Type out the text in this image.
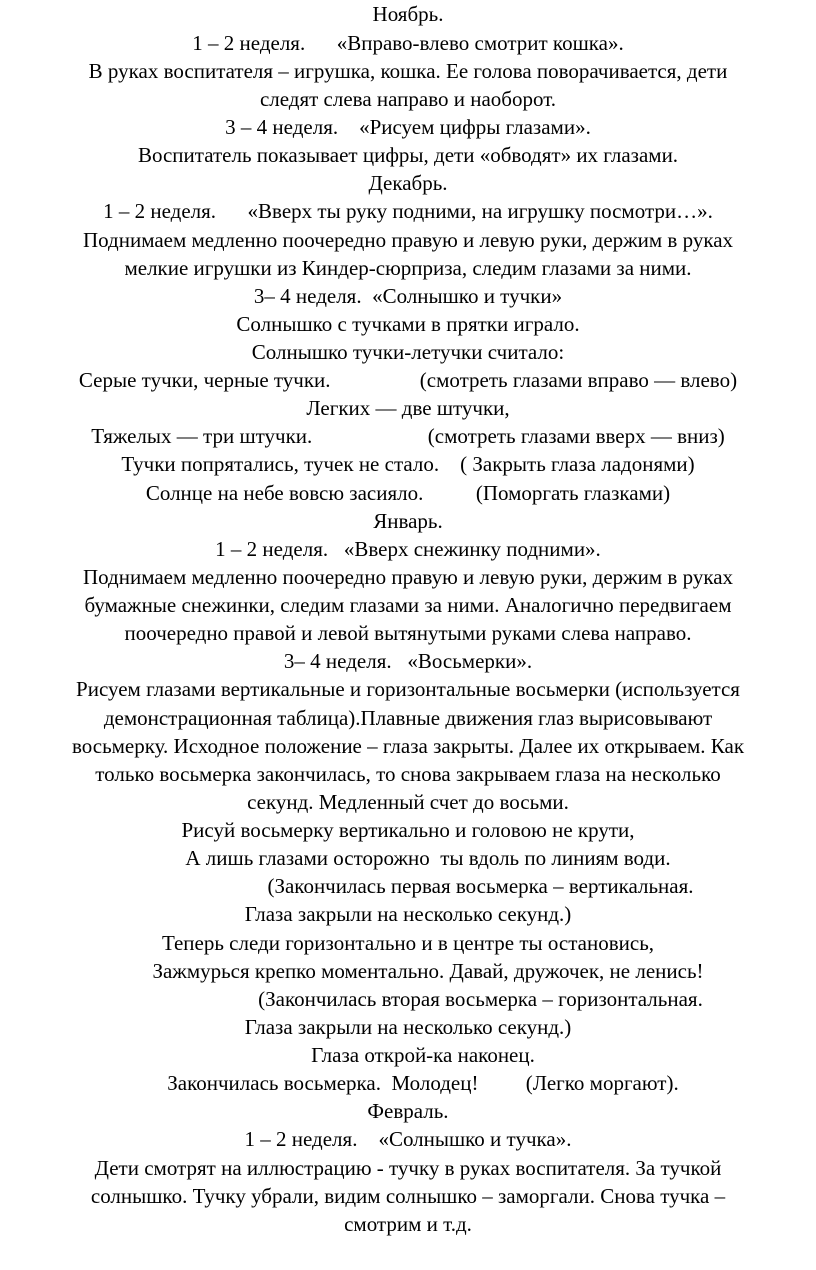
Ноябрь.
1 – 2 неделя.      «Вправо-влево смотрит кошка».
В руках воспитателя – игрушка, кошка. Ее голова поворачивается, дети
следят слева направо и наоборот.
3 – 4 неделя.    «Рисуем цифры глазами».
Воспитатель показывает цифры, дети «обводят» их глазами.
Декабрь.
1 – 2 неделя.      «Вверх ты руку подними, на игрушку посмотри…».
Поднимаем медленно поочередно правую и левую руки, держим в руках
мелкие игрушки из Киндер-сюрприза, следим глазами за ними.
3– 4 неделя.  «Солнышко и тучки»
Солнышко с тучками в прятки играло.
Солнышко тучки-летучки считало:
Серые тучки, черные тучки.                 (смотреть глазами вправо — влево)
Легких — две штучки,
Тяжелых — три штучки.                      (смотреть глазами вверх — вниз)
Тучки попрятались, тучек не стало.    ( Закрыть глаза ладонями)
Солнце на небе вовсю засияло.          (Поморгать глазками)
Январь.
1 – 2 неделя.   «Вверх снежинку подними».
Поднимаем медленно поочередно правую и левую руки, держим в руках
бумажные снежинки, следим глазами за ними. Аналогично передвигаем
поочередно правой и левой вытянутыми руками слева направо.
3– 4 неделя.   «Восьмерки».
Рисуем глазами вертикальные и горизонтальные восьмерки (используется
демонстрационная таблица).Плавные движения глаз вырисовывают
восьмерку. Исходное положение – глаза закрыты. Далее их открываем. Как
только восьмерка закончилась, то снова закрываем глаза на несколько
секунд. Медленный счет до восьми.
Рисуй восьмерку вертикально и головою не крути,
А лишь глазами осторожно  ты вдоль по линиям води.
(Закончилась первая восьмерка – вертикальная.
Глаза закрыли на несколько секунд.)
Теперь следи горизонтально и в центре ты остановись,
Зажмурься крепко моментально. Давай, дружочек, не ленись!
(Закончилась вторая восьмерка – горизонтальная.
Глаза закрыли на несколько секунд.)
Глаза открой-ка наконец.
Закончилась восьмерка.  Молодец!         (Легко моргают).
Февраль.
1 – 2 неделя.    «Солнышко и тучка».
Дети смотрят на иллюстрацию - тучку в руках воспитателя. За тучкой
солнышко. Тучку убрали, видим солнышко – заморгали. Снова тучка –
смотрим и т.д.
